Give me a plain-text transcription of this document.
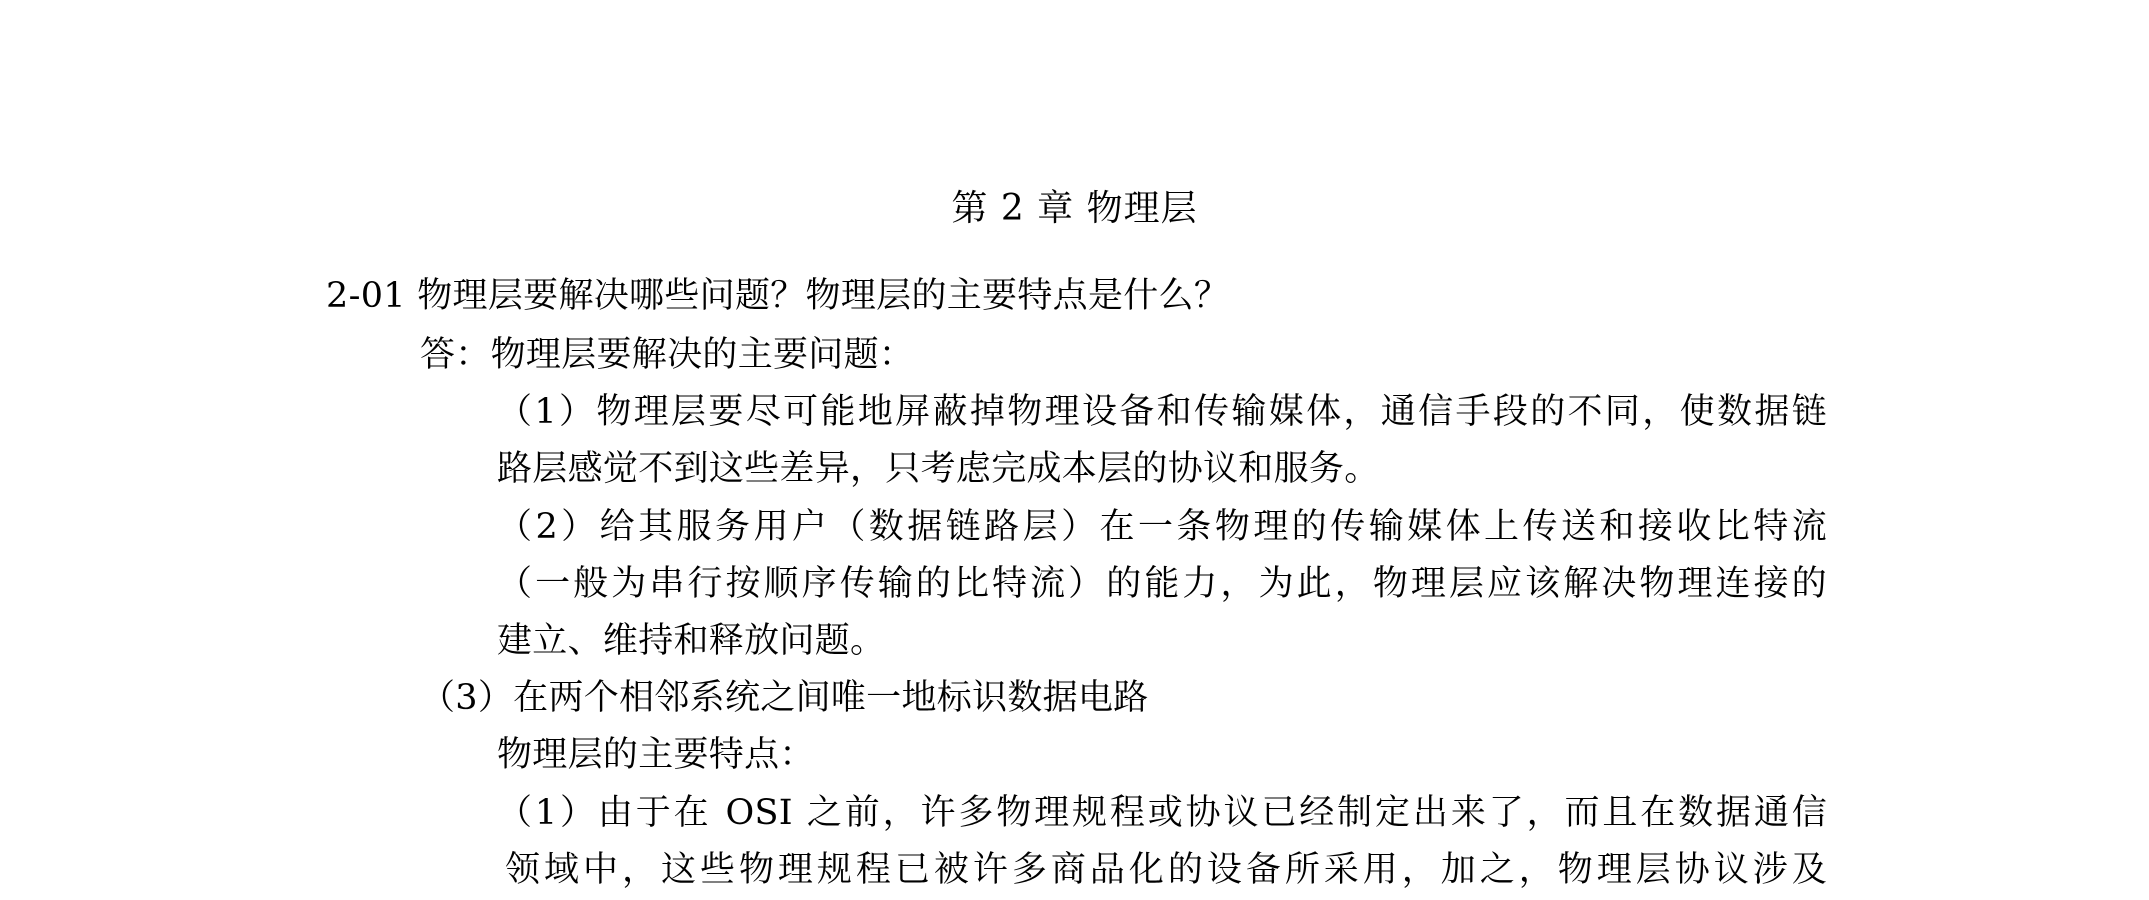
第 2 章 物理层
2-01 物理层要解决哪些问题？物理层的主要特点是什么？
答：物理层要解决的主要问题：
（1）物理层要尽可能地屏蔽掉物理设备和传输媒体，通信手段的不同，使数据链
路层感觉不到这些差异，只考虑完成本层的协议和服务。
（2）给其服务用户（数据链路层）在一条物理的传输媒体上传送和接收比特流
（一般为串行按顺序传输的比特流）的能力，为此，物理层应该解决物理连接的
建立、维持和释放问题。
（3）在两个相邻系统之间唯一地标识数据电路
物理层的主要特点：
（1）由于在 OSI 之前，许多物理规程或协议已经制定出来了，而且在数据通信
领域中，这些物理规程已被许多商品化的设备所采用，加之，物理层协议涉及
